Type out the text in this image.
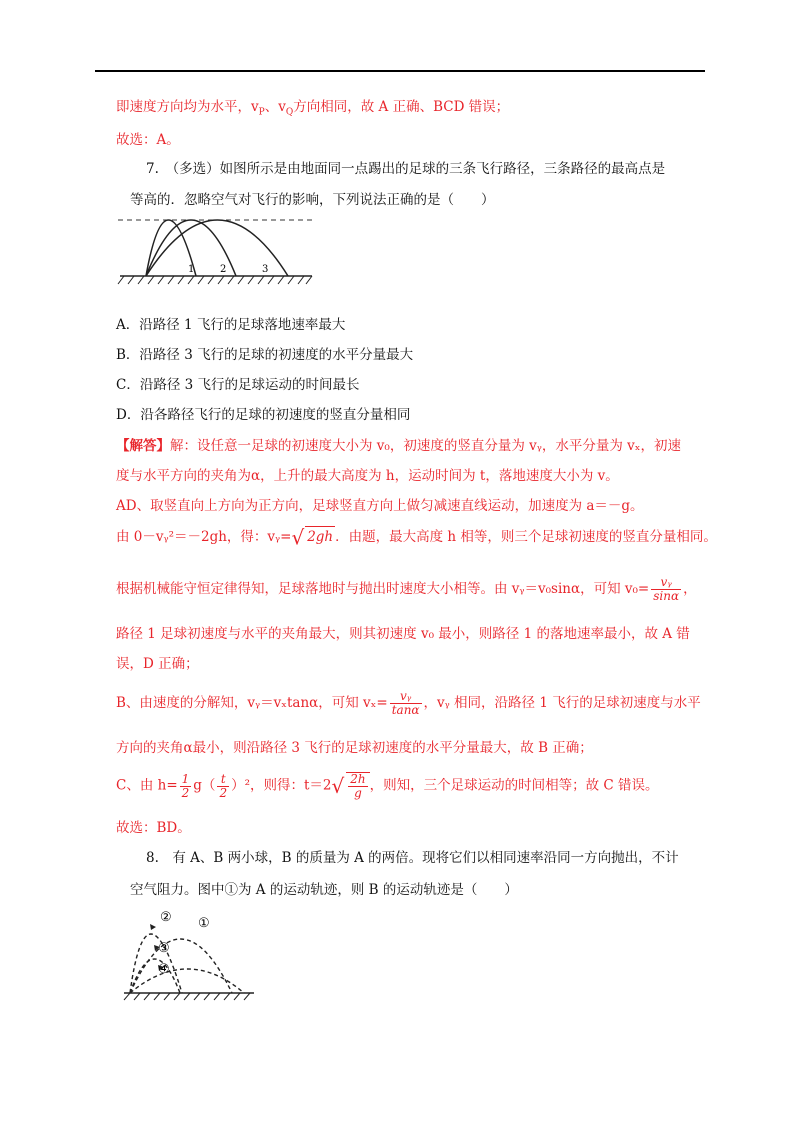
即速度方向均为水平，$v_P$、$v_Q$方向相同，故 A 正确、BCD 错误；
故选：A。
7.　（多选）如图所示是由地面同一点踢出的足球的三条飞行路径，三条路径的最高点是
等高的．忽略空气对飞行的影响，下列说法正确的是（　　）
1	2	3
A．沿路径 1 飞行的足球落地速率最大
B．沿路径 3 飞行的足球的初速度的水平分量最大
C．沿路径 3 飞行的足球运动的时间最长
D．沿各路径飞行的足球的初速度的竖直分量相同
【解答】解：设任意一足球的初速度大小为 v₀，初速度的竖直分量为 vᵧ，水平分量为 vₓ，初速
度与水平方向的夹角为α，上升的最大高度为 h，运动时间为 t，落地速度大小为 v。
AD、取竖直向上方向为正方向，足球竖直方向上做匀减速直线运动，加速度为 a＝－g。
由 0－vᵧ²＝－2gh，得：vᵧ=√ 2gh ．由题，最大高度 h 相等，则三个足球初速度的竖直分量相同。
根据机械能守恒定律得知，足球落地时与抛出时速度大小相等。由 vᵧ＝v₀sinα，可知 $v_0= \frac{\text{vᵧ}}{\sin\alpha}$ ，
路径 1 足球初速度与水平的夹角最大，则其初速度 v₀ 最小，则路径 1 的落地速率最小，故 A 错
误，D 正确；
B、由速度的分解知，vᵧ＝vₓtanα，可知 $v_x= \frac{\text{vᵧ}}{\tan\alpha}$ ，vᵧ 相同，沿路径 1 飞行的足球初速度与水平
方向的夹角α最小，则沿路径 3 飞行的足球初速度的水平分量最大，故 B 正确；
C、由 $h= \frac{1}{2} g( \frac{t}{2} )^2$，则得：$t=2√ \frac{2h}{g}$ ，则知，三个足球运动的时间相等；故 C 错误。
故选：BD。
8.　有 A、B 两小球，B 的质量为 A 的两倍。现将它们以相同速率沿同一方向抛出，不计
空气阻力。图中①为 A 的运动轨迹，则 B 的运动轨迹是（　　）
② ①
③
④
